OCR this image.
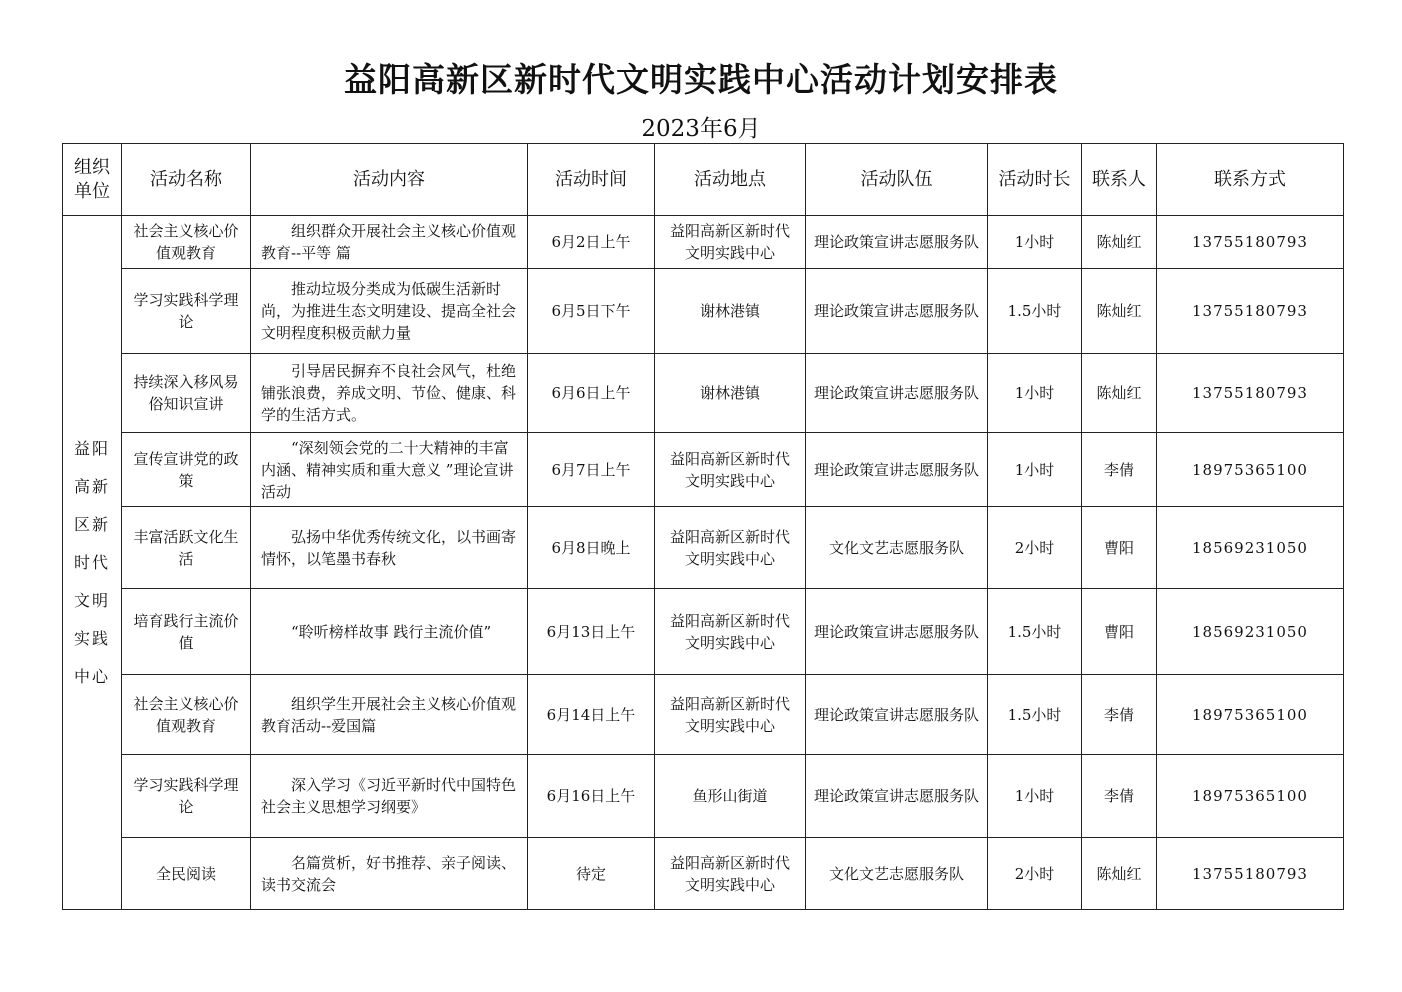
益阳高新区新时代文明实践中心活动计划安排表
2023年6月
组织单位	活动名称	活动内容	活动时间	活动地点	活动队伍	活动时长	联系人	联系方式
益阳高新区新时代文明实践中心	社会主义核心价值观教育	组织群众开展社会主义核心价值观教育--平等 篇	6月2日上午	益阳高新区新时代文明实践中心	理论政策宣讲志愿服务队	1小时	陈灿红	13755180793
	学习实践科学理论	推动垃圾分类成为低碳生活新时尚，为推进生态文明建设、提高全社会文明程度积极贡献力量	6月5日下午	谢林港镇	理论政策宣讲志愿服务队	1.5小时	陈灿红	13755180793
	持续深入移风易俗知识宣讲	引导居民摒弃不良社会风气，杜绝铺张浪费，养成文明、节俭、健康、科学的生活方式。	6月6日上午	谢林港镇	理论政策宣讲志愿服务队	1小时	陈灿红	13755180793
	宣传宣讲党的政策	“深刻领会党的二十大精神的丰富内涵、精神实质和重大意义 ”理论宣讲活动	6月7日上午	益阳高新区新时代文明实践中心	理论政策宣讲志愿服务队	1小时	李倩	18975365100
	丰富活跃文化生活	弘扬中华优秀传统文化，以书画寄情怀，以笔墨书春秋	6月8日晚上	益阳高新区新时代文明实践中心	文化文艺志愿服务队	2小时	曹阳	18569231050
	培育践行主流价值	“聆听榜样故事 践行主流价值”	6月13日上午	益阳高新区新时代文明实践中心	理论政策宣讲志愿服务队	1.5小时	曹阳	18569231050
	社会主义核心价值观教育	组织学生开展社会主义核心价值观教育活动--爱国篇	6月14日上午	益阳高新区新时代文明实践中心	理论政策宣讲志愿服务队	1.5小时	李倩	18975365100
	学习实践科学理论	深入学习《习近平新时代中国特色社会主义思想学习纲要》	6月16日上午	鱼形山街道	理论政策宣讲志愿服务队	1小时	李倩	18975365100
	全民阅读	名篇赏析，好书推荐、亲子阅读、读书交流会	待定	益阳高新区新时代文明实践中心	文化文艺志愿服务队	2小时	陈灿红	13755180793
